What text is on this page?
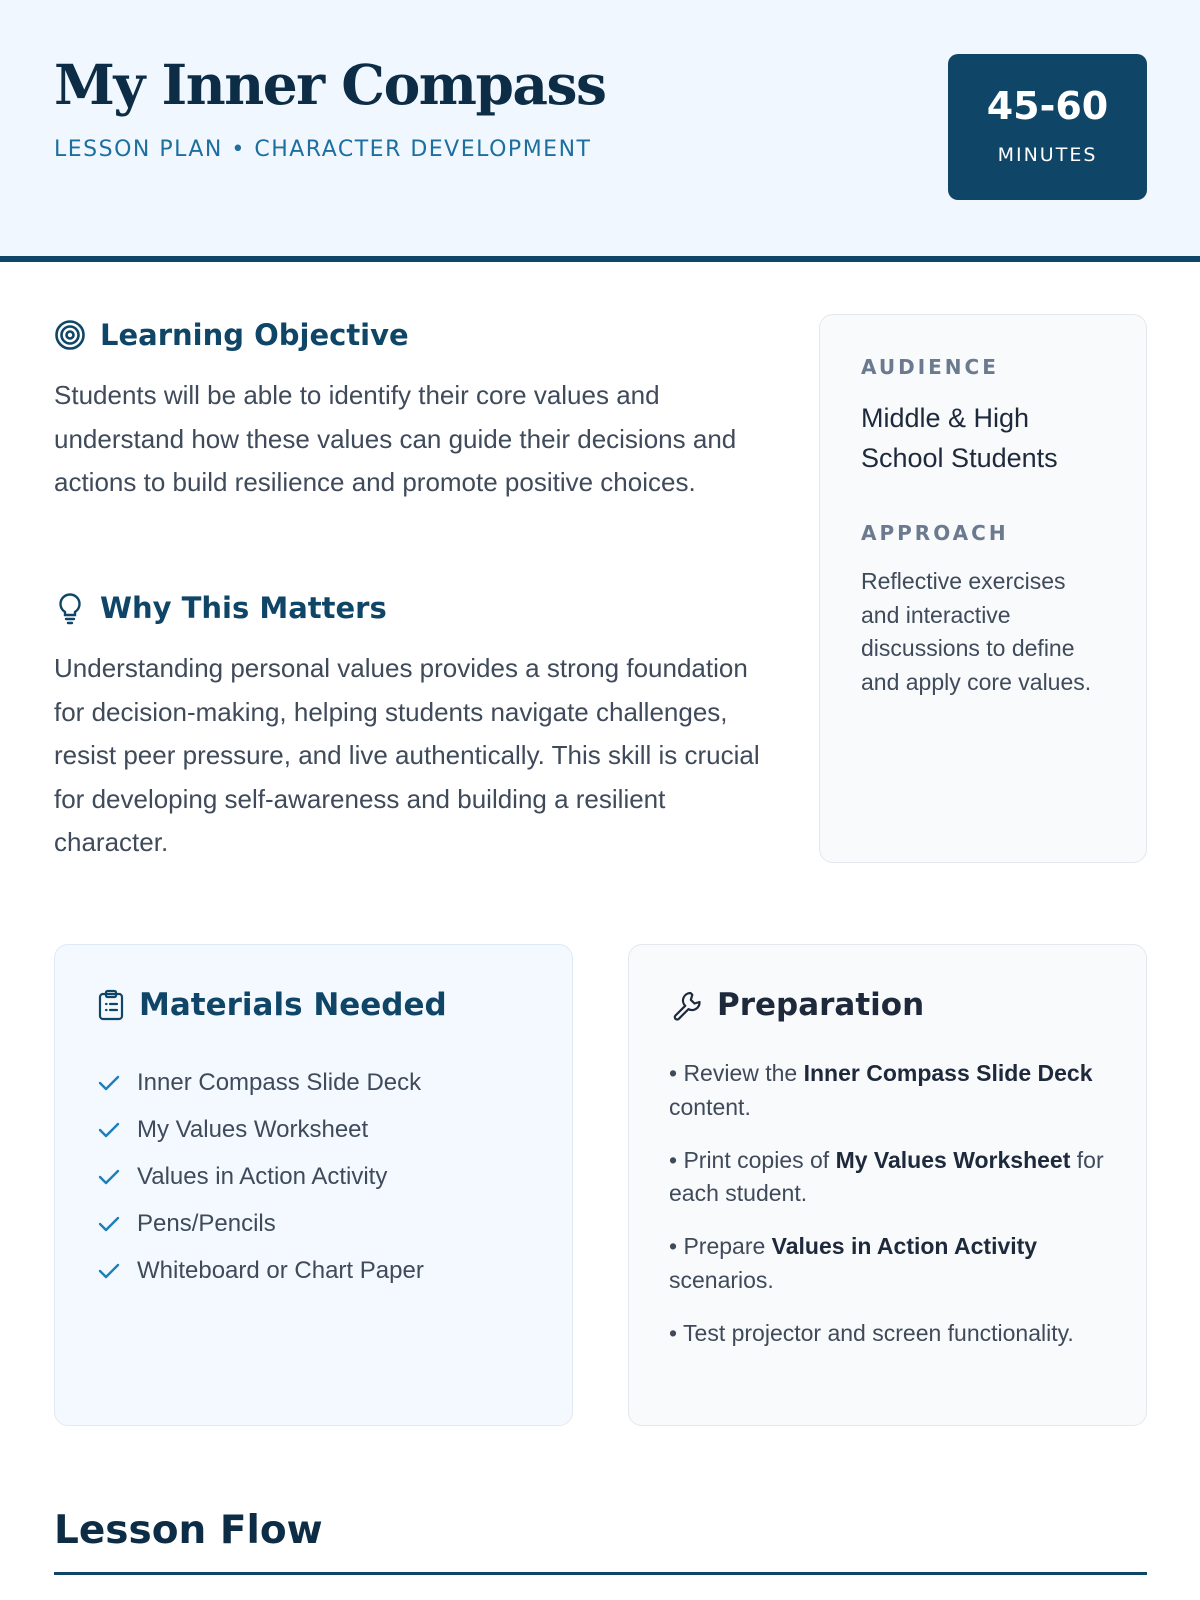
My Inner Compass
LESSON PLAN • CHARACTER DEVELOPMENT
45-60
MINUTES
Learning Objective

Students will be able to identify their core values and understand how these values can guide their decisions and actions to build resilience and promote positive choices.

Why This Matters

Understanding personal values provides a strong foundation for decision-making, helping students navigate challenges, resist peer pressure, and live authentically. This skill is crucial for developing self-awareness and building a resilient character.

AUDIENCE
Middle & High School Students
APPROACH
Reflective exercises and interactive discussions to define and apply core values.
Materials Needed
Inner Compass Slide Deck
My Values Worksheet
Values in Action Activity
Pens/Pencils
Whiteboard or Chart Paper
Preparation
• Review the Inner Compass Slide Deck content.
• Print copies of My Values Worksheet for each student.
• Prepare Values in Action Activity scenarios.
• Test projector and screen functionality.
Lesson Flow
